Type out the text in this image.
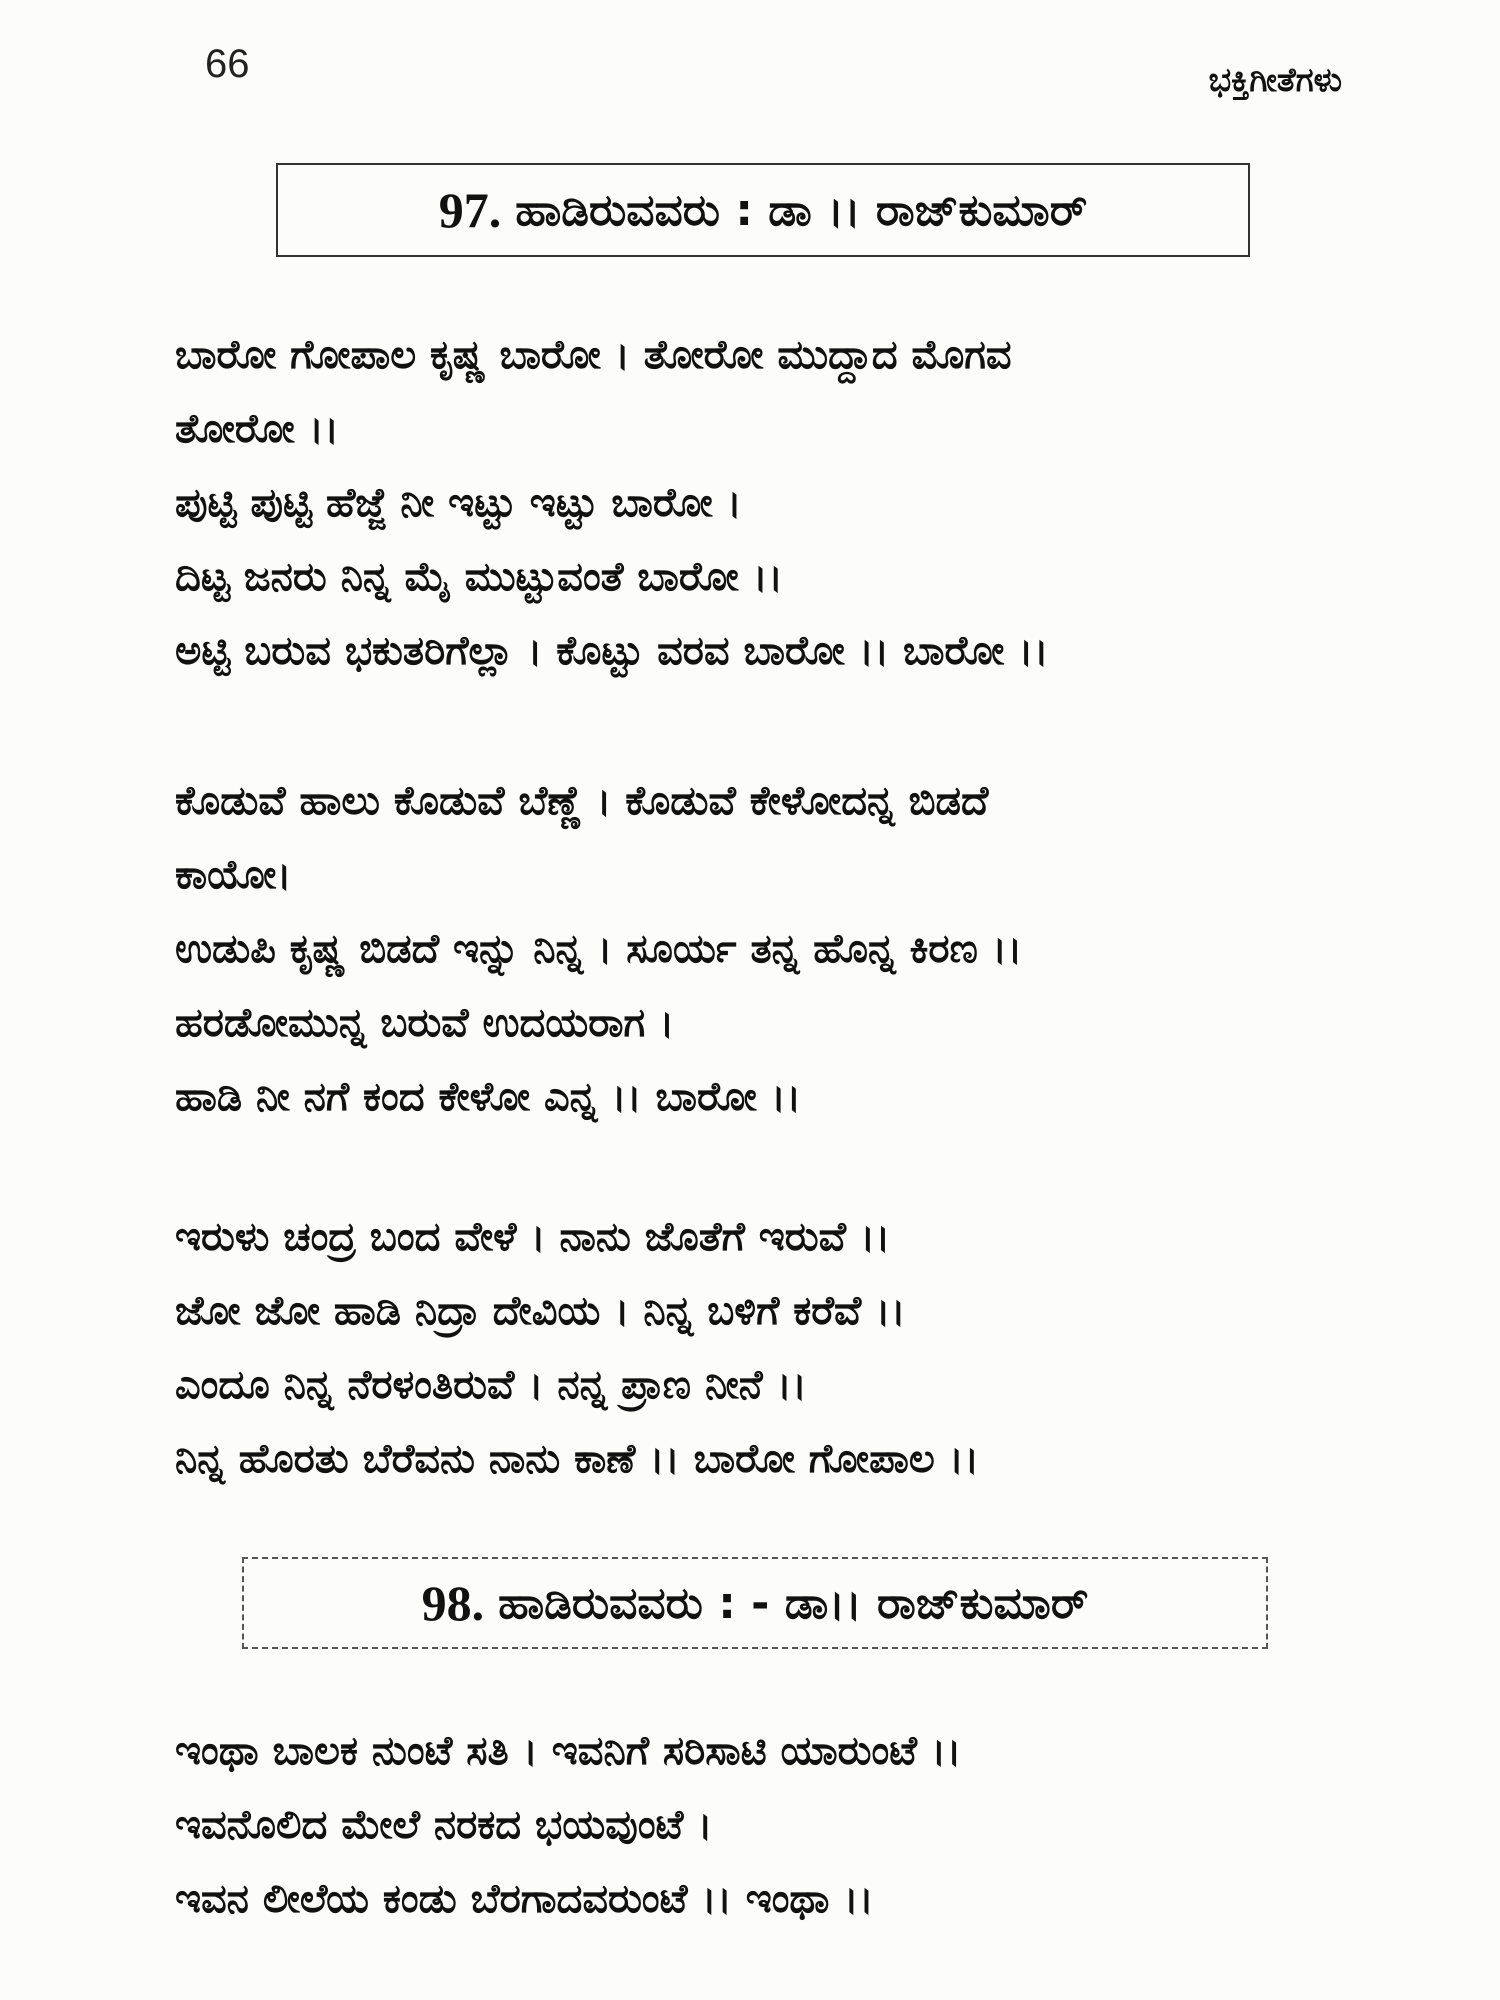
66	ಭಕ್ತಿಗೀತೆಗಳು
97. ಹಾಡಿರುವವರು : ಡಾ ।। ರಾಜ್‌ಕುಮಾರ್
ಬಾರೋ ಗೋಪಾಲ ಕೃಷ್ಣ ಬಾರೋ । ತೋರೋ ಮುದ್ದಾದ ಮೊಗವ
ತೋರೋ ।।
ಪುಟ್ಟಿ ಪುಟ್ಟಿ ಹೆಜ್ಜೆ ನೀ ಇಟ್ಟು ಇಟ್ಟು ಬಾರೋ ।
ದಿಟ್ಟ ಜನರು ನಿನ್ನ ಮೈ ಮುಟ್ಟುವಂತೆ ಬಾರೋ ।।
ಅಟ್ಟಿ ಬರುವ ಭಕುತರಿಗೆಲ್ಲಾ । ಕೊಟ್ಟು ವರವ ಬಾರೋ ।। ಬಾರೋ ।।
ಕೊಡುವೆ ಹಾಲು ಕೊಡುವೆ ಬೆಣ್ಣೆ । ಕೊಡುವೆ ಕೇಳೋದನ್ನ ಬಿಡದೆ
ಕಾಯೋ।
ಉಡುಪಿ ಕೃಷ್ಣ ಬಿಡದೆ ಇನ್ನು ನಿನ್ನ । ಸೂರ್ಯ ತನ್ನ ಹೊನ್ನ ಕಿರಣ ।।
ಹರಡೋಮುನ್ನ ಬರುವೆ ಉದಯರಾಗ ।
ಹಾಡಿ ನೀ ನಗೆ ಕಂದ ಕೇಳೋ ಎನ್ನ ।। ಬಾರೋ ।।
ಇರುಳು ಚಂದ್ರ ಬಂದ ವೇಳೆ । ನಾನು ಜೊತೆಗೆ ಇರುವೆ ।।
ಜೋ ಜೋ ಹಾಡಿ ನಿದ್ರಾ ದೇವಿಯ । ನಿನ್ನ ಬಳಿಗೆ ಕರೆವೆ ।।
ಎಂದೂ ನಿನ್ನ ನೆರಳಂತಿರುವೆ । ನನ್ನ ಪ್ರಾಣ ನೀನೆ ।।
ನಿನ್ನ ಹೊರತು ಬೆರೆವನು ನಾನು ಕಾಣೆ ।। ಬಾರೋ ಗೋಪಾಲ ।।
98. ಹಾಡಿರುವವರು : - ಡಾ।। ರಾಜ್‌ಕುಮಾರ್
ಇಂಥಾ ಬಾಲಕ ನುಂಟೆ ಸತಿ । ಇವನಿಗೆ ಸರಿಸಾಟಿ ಯಾರುಂಟೆ ।।
ಇವನೊಲಿದ ಮೇಲೆ ನರಕದ ಭಯವುಂಟೆ ।
ಇವನ ಲೀಲೆಯ ಕಂಡು ಬೆರಗಾದವರುಂಟೆ ।। ಇಂಥಾ ।।
